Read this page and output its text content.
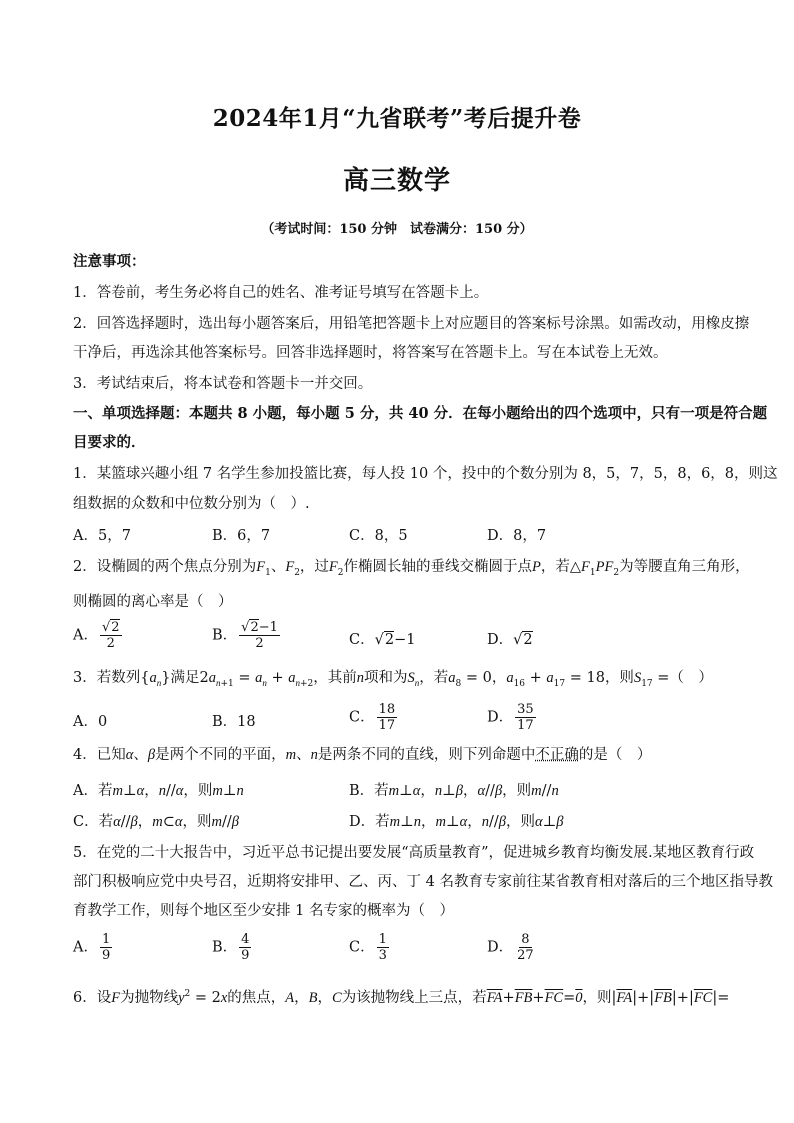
2024年1月“九省联考”考后提升卷
高三数学
（考试时间：150 分钟　试卷满分：150 分）
注意事项：
1．答卷前，考生务必将自己的姓名、准考证号填写在答题卡上。
2．回答选择题时，选出每小题答案后，用铅笔把答题卡上对应题目的答案标号涂黑。如需改动，用橡皮擦
干净后，再选涂其他答案标号。回答非选择题时，将答案写在答题卡上。写在本试卷上无效。
3．考试结束后，将本试卷和答题卡一并交回。
一、单项选择题：本题共 8 小题，每小题 5 分，共 40 分．在每小题给出的四个选项中，只有一项是符合题
目要求的．
1．某篮球兴趣小组 7 名学生参加投篮比赛，每人投 10 个，投中的个数分别为 8，5，7，5，8，6，8，则这
组数据的众数和中位数分别为（　）.
A．5，7	B．6，7	C．8，5	D．8，7
2．设椭圆的两个焦点分别为$F_1$、$F_2$，过$F_2$作椭圆长轴的垂线交椭圆于点P，若$\triangle F_1PF_2$为等腰直角三角形，
则椭圆的离心率是（　）
A． $\frac{√2}{2}$	B． $\frac{√2-1}{2}$	C．√2−1	D．√2
3．若数列$\{a_n\}$满足$2a_{n+1} = a_n + a_{n+2}$，其前n项和为$S_n$，若$a_8 = 0$，$a_{16} + a_{17} = 18$，则$S_{17}$ =（　）
A．0	B．18	C． $\frac{18}{17}$	D． $\frac{35}{17}$
4．已知α、β是两个不同的平面，m、n是两条不同的直线，则下列命题中不正确的是（　）
A．若m⊥α，n//α，则m⊥n	B．若m⊥α，n⊥β，α//β，则m//n
C．若α//β，m⊂α，则m//β	D．若m⊥n，m⊥α，n//β，则α⊥β
5．在党的二十大报告中，习近平总书记提出要发展“高质量教育”，促进城乡教育均衡发展.某地区教育行政
部门积极响应党中央号召，近期将安排甲、乙、丙、丁 4 名教育专家前往某省教育相对落后的三个地区指导教
育教学工作，则每个地区至少安排 1 名专家的概率为（　）
A． $\frac{1}{9}$	B． $\frac{4}{9}$	C． $\frac{1}{3}$	D． $\frac{8}{27}$
6．设F为抛物线$y^2 = 2x$的焦点，A，B，C为该抛物线上三点，若$\overline{FA}+\overline{FB}+\overline{FC}=0$，则$|\overline{FA}|+|\overline{FB}|+|\overline{FC}|=$
